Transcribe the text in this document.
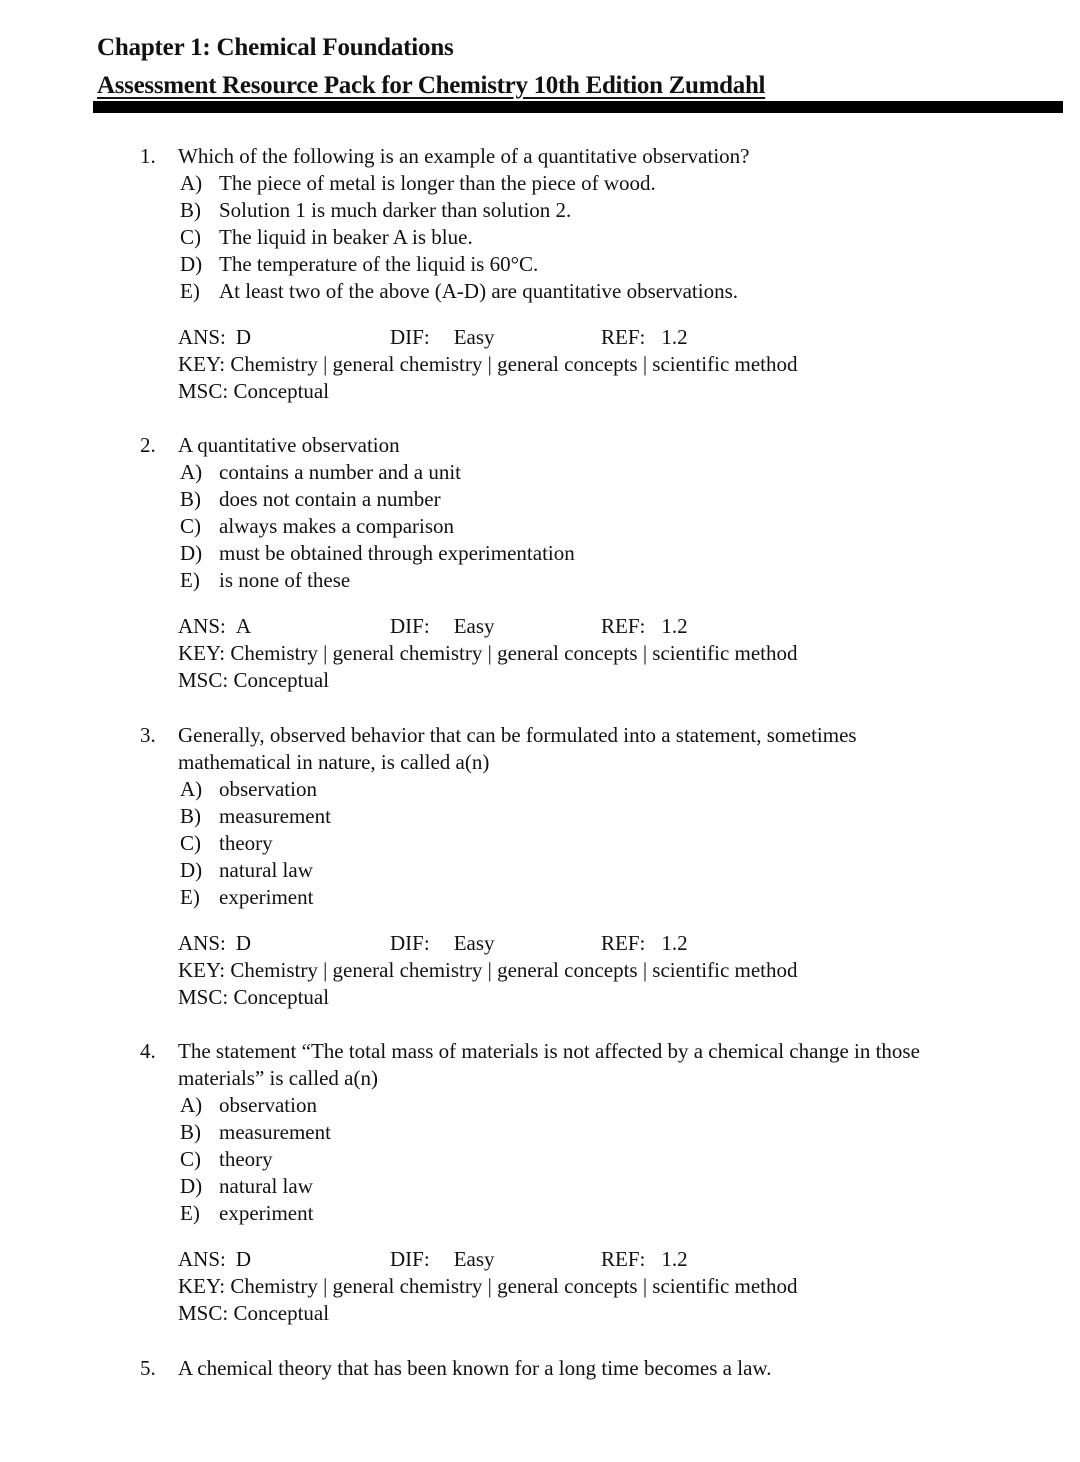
Chapter 1: Chemical Foundations
Assessment Resource Pack for Chemistry 10th Edition Zumdahl
1. Which of the following is an example of a quantitative observation?
A) The piece of metal is longer than the piece of wood.
B) Solution 1 is much darker than solution 2.
C) The liquid in beaker A is blue.
D) The temperature of the liquid is 60°C.
E) At least two of the above (A-D) are quantitative observations.
ANS: D	DIF: Easy	REF: 1.2
KEY: Chemistry | general chemistry | general concepts | scientific method
MSC: Conceptual
2. A quantitative observation
A) contains a number and a unit
B) does not contain a number
C) always makes a comparison
D) must be obtained through experimentation
E) is none of these
ANS: A	DIF: Easy	REF: 1.2
KEY: Chemistry | general chemistry | general concepts | scientific method
MSC: Conceptual
3. Generally, observed behavior that can be formulated into a statement, sometimes
mathematical in nature, is called a(n)
A) observation
B) measurement
C) theory
D) natural law
E) experiment
ANS: D	DIF: Easy	REF: 1.2
KEY: Chemistry | general chemistry | general concepts | scientific method
MSC: Conceptual
4. The statement “The total mass of materials is not affected by a chemical change in those
materials” is called a(n)
A) observation
B) measurement
C) theory
D) natural law
E) experiment
ANS: D	DIF: Easy	REF: 1.2
KEY: Chemistry | general chemistry | general concepts | scientific method
MSC: Conceptual
5. A chemical theory that has been known for a long time becomes a law.
